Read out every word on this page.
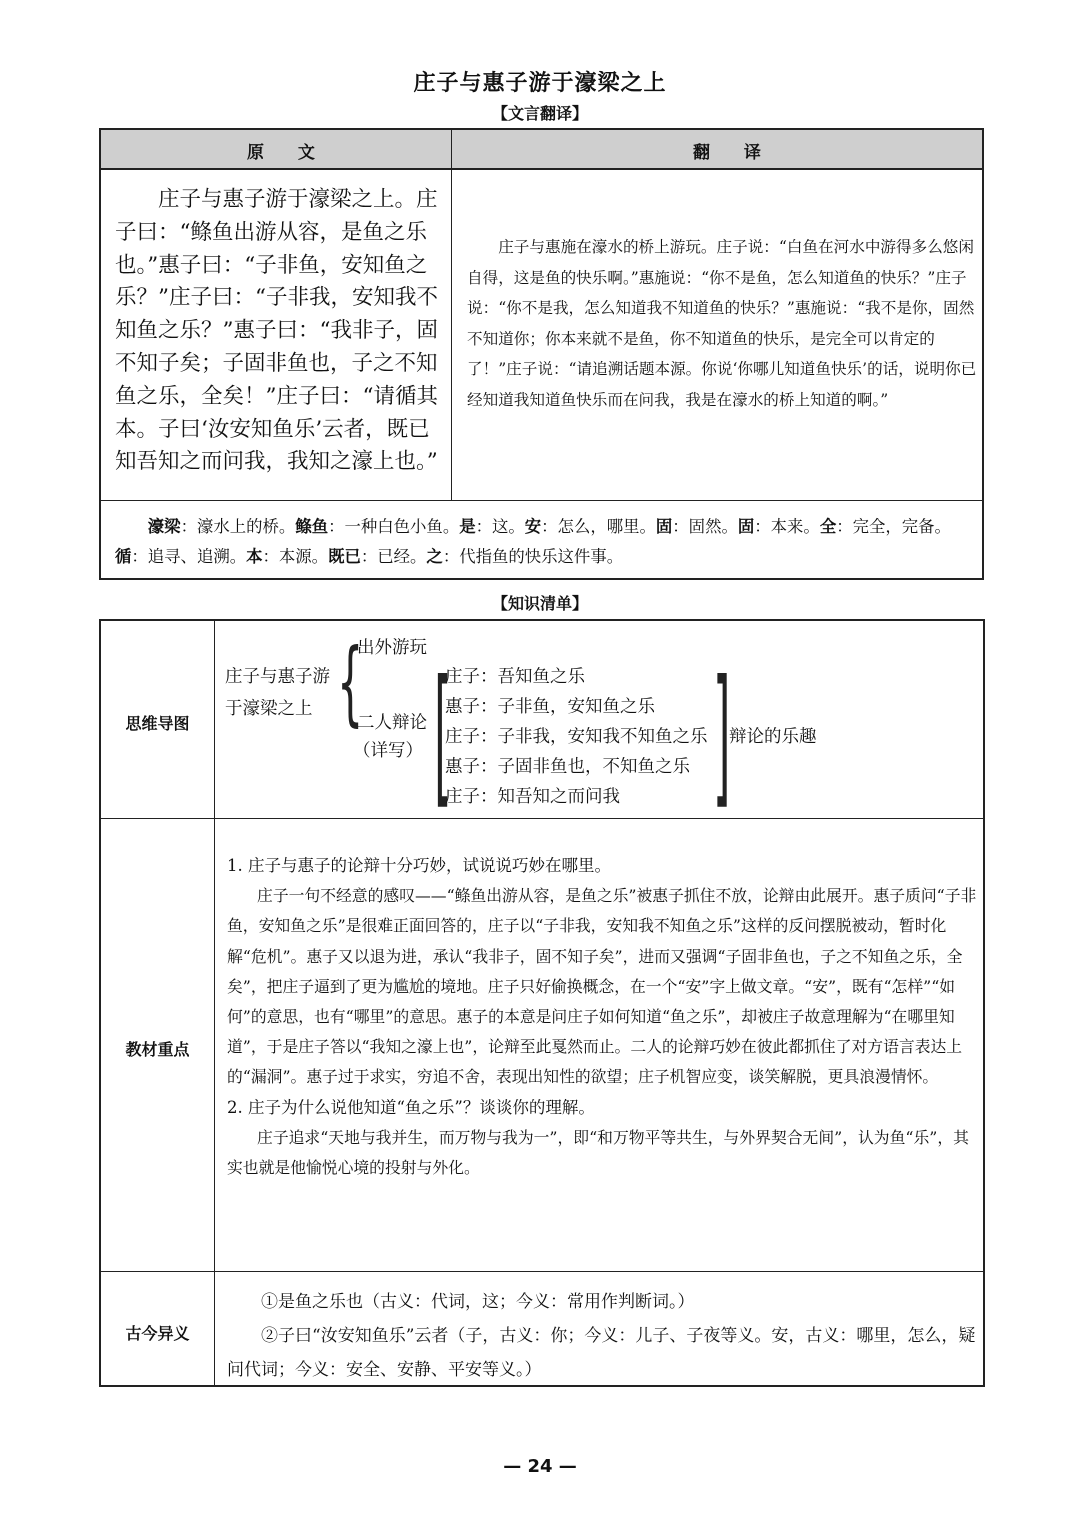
庄子与惠子游于濠梁之上
【文言翻译】
原 文	翻 译
庄子与惠子游于濠梁之上。庄子曰：“鲦鱼出游从容，是鱼之乐也。”惠子曰：“子非鱼，安知鱼之乐？”庄子曰：“子非我，安知我不知鱼之乐？”惠子曰：“我非子，固不知子矣；子固非鱼也，子之不知鱼之乐，全矣！”庄子曰：“请循其本。子曰‘汝安知鱼乐’云者，既已知吾知之而问我，我知之濠上也。”
庄子与惠施在濠水的桥上游玩。庄子说：“白鱼在河水中游得多么悠闲自得，这是鱼的快乐啊。”惠施说：“你不是鱼，怎么知道鱼的快乐？”庄子说：“你不是我，怎么知道我不知道鱼的快乐？”惠施说：“我不是你，固然不知道你；你本来就不是鱼，你不知道鱼的快乐，是完全可以肯定的了！”庄子说：“请追溯话题本源。你说‘你哪儿知道鱼快乐’的话，说明你已经知道我知道鱼快乐而在问我，我是在濠水的桥上知道的啊。”
濠梁：濠水上的桥。鲦鱼：一种白色小鱼。是：这。安：怎么，哪里。固：固然。固：本来。全：完全，完备。循：追寻、追溯。本：本源。既已：已经。之：代指鱼的快乐这件事。
【知识清单】
思维导图
庄子与惠子游
于濠梁之上 {
出外游玩
二人辩论
（详写） [
庄子：吾知鱼之乐
惠子：子非鱼，安知鱼之乐
庄子：子非我，安知我不知鱼之乐
惠子：子固非鱼也，不知鱼之乐
庄子：知吾知之而问我 ]
辩论的乐趣
教材重点
1. 庄子与惠子的论辩十分巧妙，试说说巧妙在哪里。
庄子一句不经意的感叹——“鲦鱼出游从容，是鱼之乐”被惠子抓住不放，论辩由此展开。惠子质问“子非鱼，安知鱼之乐”是很难正面回答的，庄子以“子非我，安知我不知鱼之乐”这样的反问摆脱被动，暂时化解“危机”。惠子又以退为进，承认“我非子，固不知子矣”，进而又强调“子固非鱼也，子之不知鱼之乐，全矣”，把庄子逼到了更为尴尬的境地。庄子只好偷换概念，在一个“安”字上做文章。“安”，既有“怎样”“如何”的意思，也有“哪里”的意思。惠子的本意是问庄子如何知道“鱼之乐”，却被庄子故意理解为“在哪里知道”，于是庄子答以“我知之濠上也”，论辩至此戛然而止。二人的论辩巧妙在彼此都抓住了对方语言表达上的“漏洞”。惠子过于求实，穷追不舍，表现出知性的欲望；庄子机智应变，谈笑解脱，更具浪漫情怀。
2. 庄子为什么说他知道“鱼之乐”？谈谈你的理解。
庄子追求“天地与我并生，而万物与我为一”，即“和万物平等共生，与外界契合无间”，认为鱼“乐”，其实也就是他愉悦心境的投射与外化。
古今异义
①是鱼之乐也（古义：代词，这；今义：常用作判断词。）
②子曰“汝安知鱼乐”云者（子，古义：你；今义：儿子、子夜等义。安，古义：哪里，怎么，疑问代词；今义：安全、安静、平安等义。）
— 24 —
